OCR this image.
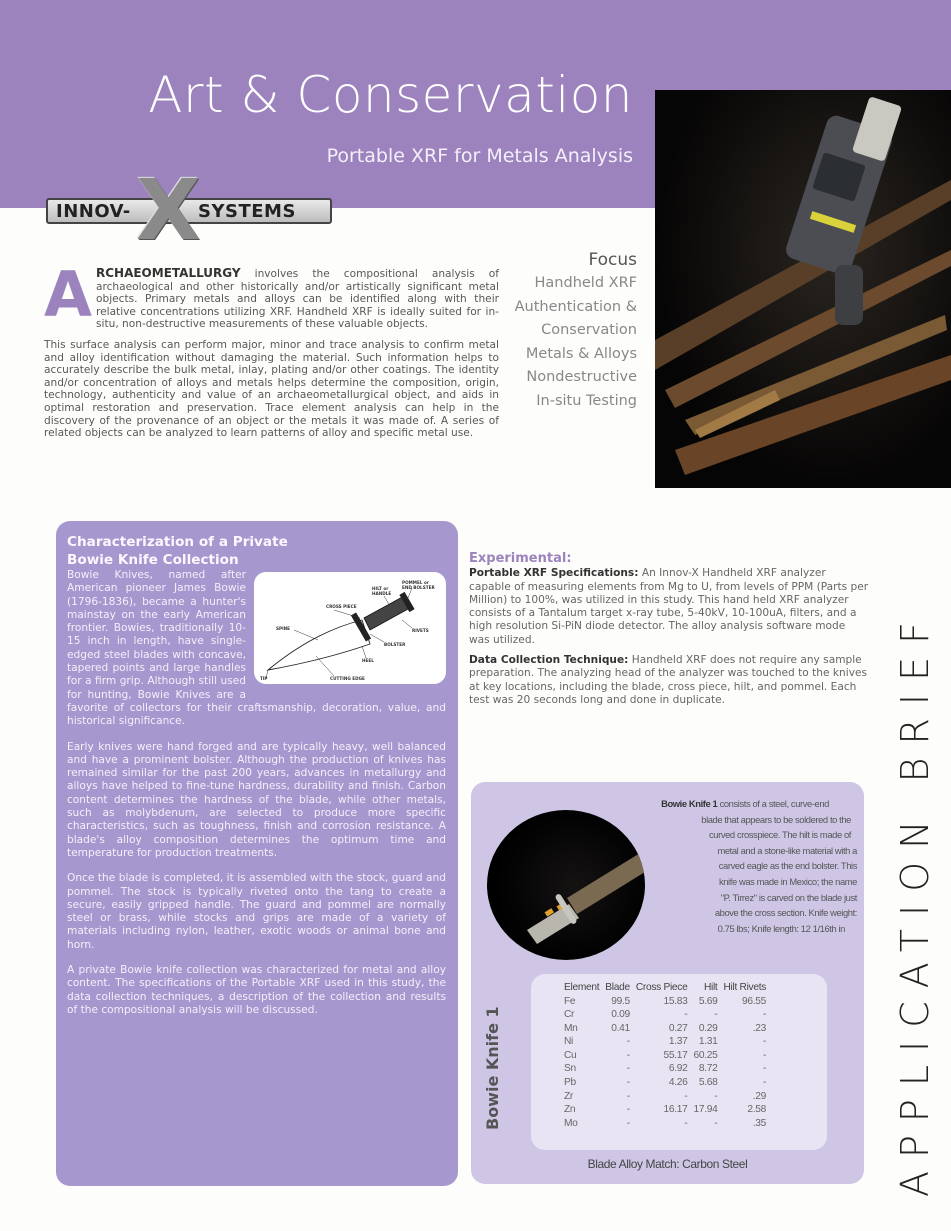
Art & Conservation
Portable XRF for Metals Analysis
INNOV-	SYSTEMS
X

ARCHAEOMETALLURGY involves the compositional analysis of archaeological and other historically and/or artistically significant metal objects. Primary metals and alloys can be identified along with their relative concentrations utilizing XRF. Handheld XRF is ideally suited for in-situ, non-destructive measurements of these valuable objects.

This surface analysis can perform major, minor and trace analysis to confirm metal and alloy identification without damaging the material. Such information helps to accurately describe the bulk metal, inlay, plating and/or other coatings. The identity and/or concentration of alloys and metals helps determine the composition, origin, technology, authenticity and value of an archaeometallurgical object, and aids in optimal restoration and preservation. Trace element analysis can help in the discovery of the provenance of an object or the metals it was made of. A series of related objects can be analyzed to learn patterns of alloy and specific metal use.

Focus
Handheld XRF
Authentication &
Conservation
Metals & Alloys
Nondestructive
In-situ Testing
Characterization of a Private
Bowie Knife Collection
POMMEL or
END BOLSTER
HILT or
HANDLE
CROSS PIECE
SPINE	RIVETS
BOLSTER
HEEL
TIP	CUTTING EDGE

Bowie Knives, named after American pioneer James Bowie (1796-1836), became a hunter's mainstay on the early American frontier. Bowies, traditionally 10-15 inch in length, have single-edged steel blades with concave, tapered points and large handles for a firm grip. Although still used for hunting, Bowie Knives are a favorite of collectors for their craftsmanship, decoration, value, and historical significance.

Early knives were hand forged and are typically heavy, well balanced and have a prominent bolster. Although the production of knives has remained similar for the past 200 years, advances in metallurgy and alloys have helped to fine-tune hardness, durability and finish. Carbon content determines the hardness of the blade, while other metals, such as molybdenum, are selected to produce more specific characteristics, such as toughness, finish and corrosion resistance. A blade's alloy composition determines the optimum time and temperature for production treatments.

Once the blade is completed, it is assembled with the stock, guard and pommel. The stock is typically riveted onto the tang to create a secure, easily gripped handle. The guard and pommel are normally steel or brass, while stocks and grips are made of a variety of materials including nylon, leather, exotic woods or animal bone and horn.

A private Bowie knife collection was characterized for metal and alloy content. The specifications of the Portable XRF used in this study, the data collection techniques, a description of the collection and results of the compositional analysis will be discussed.

Experimental:

Portable XRF Specifications: An Innov-X Handheld XRF analyzer capable of measuring elements from Mg to U, from levels of PPM (Parts per Million) to 100%, was utilized in this study. This hand held XRF analyzer consists of a Tantalum target x-ray tube, 5-40kV, 10-100uA, filters, and a high resolution Si-PiN diode detector. The alloy analysis software mode was utilized.

Data Collection Technique: Handheld XRF does not require any sample preparation. The analyzing head of the analyzer was touched to the knives at key locations, including the blade, cross piece, hilt, and pommel. Each test was 20 seconds long and done in duplicate.

Bowie Knife 1 consists of a steel, curve-end
blade that appears to be soldered to the
curved crosspiece. The hilt is made of
metal and a stone-like material with a
carved eagle as the end bolster. This
knife was made in Mexico; the name
"P. Tirrez" is carved on the blade just
above the cross section. Knife weight:
0.75 lbs; Knife length: 12 1/16th in
Bowie Knife 1
Element	Blade	Cross Piece	Hilt	Hilt Rivets
Fe	99.5	15.83	5.69	96.55
Cr	0.09	-	-	-
Mn	0.41	0.27	0.29	.23
Ni	-	1.37	1.31	-
Cu	-	55.17	60.25	-
Sn	-	6.92	8.72	-
Pb	-	4.26	5.68	-
Zr	-	-	-	.29
Zn	-	16.17	17.94	2.58
Mo	-	-	-	.35
Blade Alloy Match: Carbon Steel	APPLICATION BRIEF
